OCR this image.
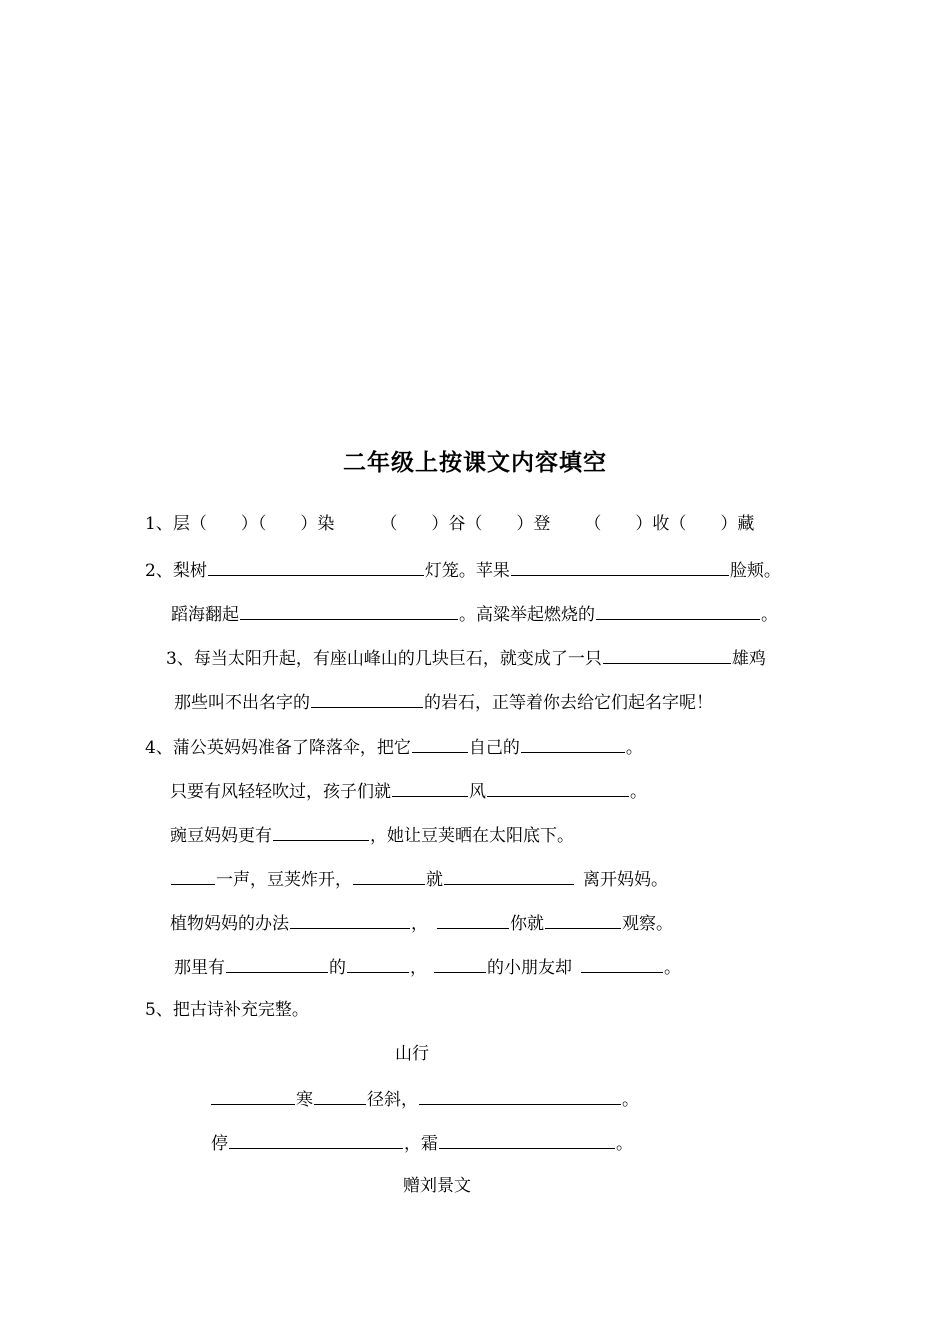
二年级上按课文内容填空
1、层（ ）（ ）染	（ ）谷（ ）登 （ ）收（ ）藏
2、梨树	灯笼。苹果	脸颊。
蹈海翻起	。高粱举起燃烧的	。
3、每当太阳升起，有座山峰山的几块巨石，就变成了一只	雄鸡
那些叫不出名字的	的岩石，正等着你去给它们起名字呢！
4、蒲公英妈妈准备了降落伞，把它	自己的	。
只要有风轻轻吹过，孩子们就	风	。
豌豆妈妈更有	，她让豆荚晒在太阳底下。
一声，豆荚炸开，	就	离开妈妈。
植物妈妈的办法	，	你就	观察。
那里有	的	，	的小朋友却	。
5、把古诗补充完整。
山行
寒	径斜，	。
停	，霜	。
赠刘景文
